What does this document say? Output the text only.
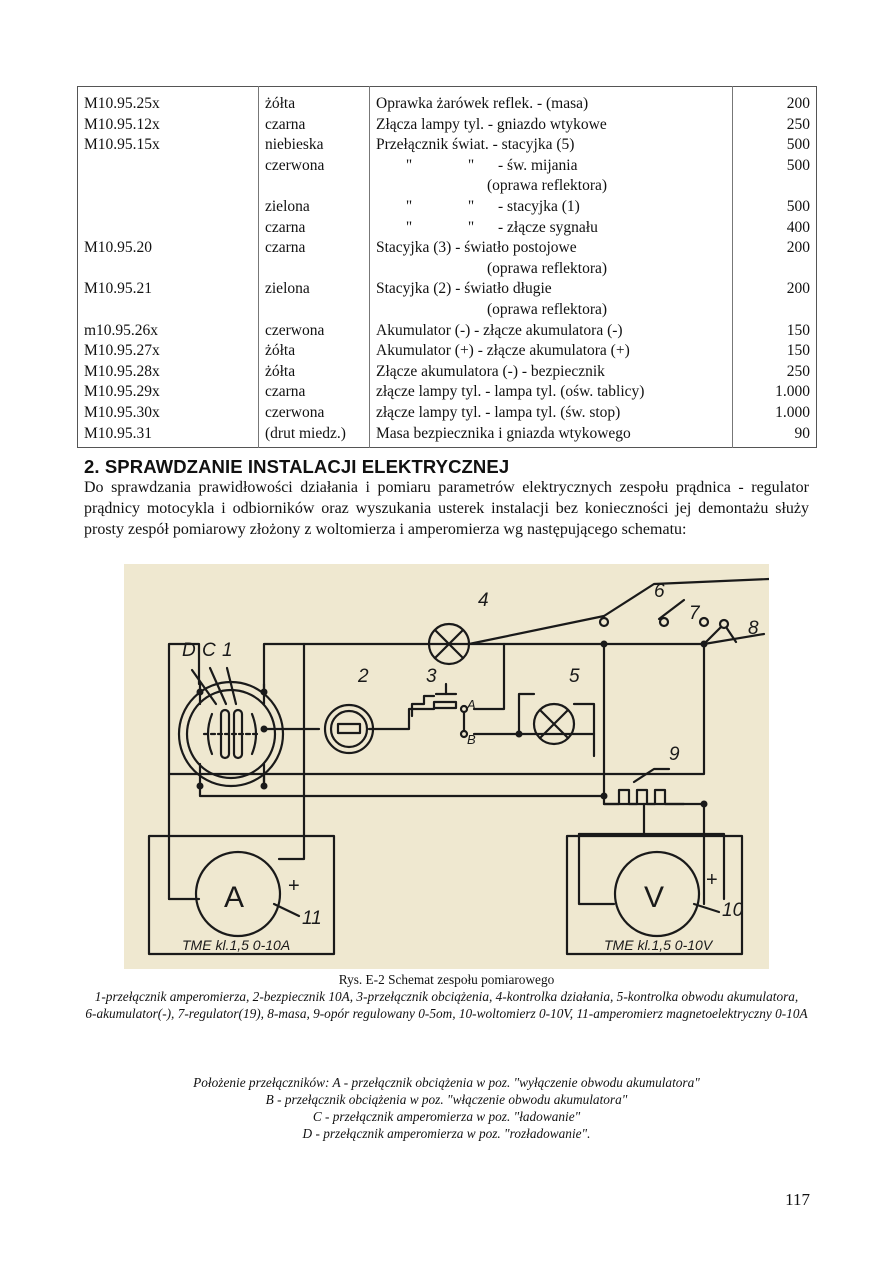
M10.95.25x	żółta	Oprawka żarówek reflek. - (masa)	200
M10.95.12x	czarna	Złącza lampy tyl. - gniazdo wtykowe	250
M10.95.15x	niebieska	Przełącznik świat. - stacyjka (5)	500
	czerwona	" " - św. mijania	500
		(oprawa reflektora)	
	zielona	" " - stacyjka (1)	500
	czarna	" " - złącze sygnału	400
M10.95.20	czarna	Stacyjka (3) - światło postojowe	200
		(oprawa reflektora)	
M10.95.21	zielona	Stacyjka (2) - światło długie	200
		(oprawa reflektora)	
m10.95.26x	czerwona	Akumulator (-) - złącze akumulatora (-)	150
M10.95.27x	żółta	Akumulator (+) - złącze akumulatora (+)	150
M10.95.28x	żółta	Złącze akumulatora (-) - bezpiecznik	250
M10.95.29x	czarna	złącze lampy tyl. - lampa tyl. (ośw. tablicy)	1.000
M10.95.30x	czerwona	złącze lampy tyl. - lampa tyl. (św. stop)	1.000
M10.95.31	(drut miedz.)	Masa bezpiecznika i gniazda wtykowego	90
2. SPRAWDZANIE INSTALACJI ELEKTRYCZNEJ

Do sprawdzania prawidłowości działania i pomiaru parametrów elektrycznych zespołu prądnica - regulator prądnicy motocykla i odbiorników oraz wyszukania usterek instalacji bez konieczności jej demontażu służy prosty zespół pomiarowy złożony z woltomierza i amperomierza wg następującego schematu:

4	6
7
8
D C 1
2	3	5
9
10
11
A
B
A	V
+	+
TME kl.1,5 0-10A	TME kl.1,5 0-10V

Rys. E-2 Schemat zespołu pomiarowego

1-przełącznik amperomierza, 2-bezpiecznik 10A, 3-przełącznik obciążenia, 4-kontrolka działania, 5-kontrolka obwodu akumulatora,
6-akumulator(-), 7-regulator(19), 8-masa, 9-opór regulowany 0-5om, 10-woltomierz 0-10V, 11-amperomierz magnetoelektryczny 0-10A
Położenie przełączników: A - przełącznik obciążenia w poz. "wyłączenie obwodu akumulatora"
B - przełącznik obciążenia w poz. "włączenie obwodu akumulatora"
C - przełącznik amperomierza w poz. "ładowanie"
D - przełącznik amperomierza w poz. "rozładowanie".
117
